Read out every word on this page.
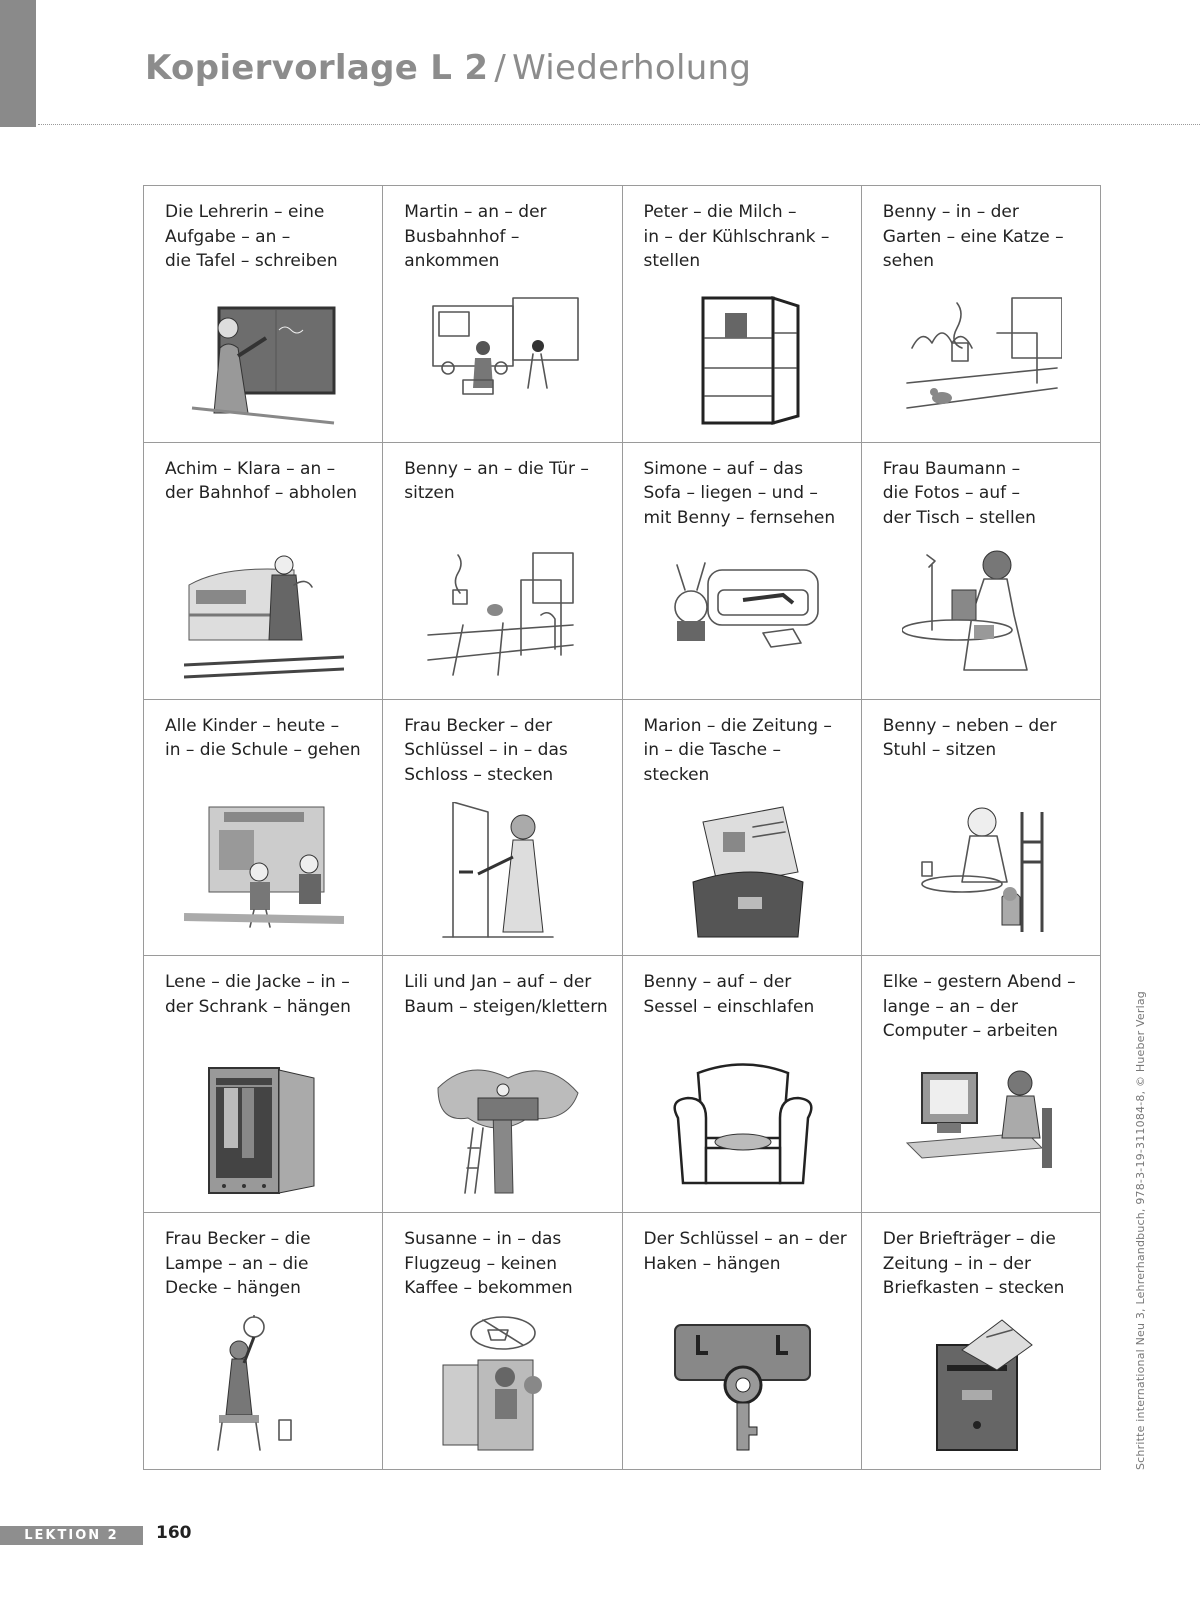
Kopiervorlage L 2 / Wiederholung
Die Lehrerin – eine
Aufgabe – an –
die Tafel – schreiben
Martin – an – der
Busbahnhof –
ankommen
Peter – die Milch –
in – der Kühlschrank –
stellen
Benny – in – der
Garten – eine Katze –
sehen
Achim – Klara – an –
der Bahnhof – abholen
Benny – an – die Tür –
sitzen
Simone – auf – das
Sofa – liegen – und –
mit Benny – fernsehen
Frau Baumann –
die Fotos – auf –
der Tisch – stellen
Alle Kinder – heute –
in – die Schule – gehen
Frau Becker – der
Schlüssel – in – das
Schloss – stecken
Marion – die Zeitung –
in – die Tasche –
stecken
Benny – neben – der
Stuhl – sitzen
Lene – die Jacke – in –
der Schrank – hängen
Lili und Jan – auf – der
Baum – steigen/klettern
Benny – auf – der
Sessel – einschlafen
Elke – gestern Abend –
lange – an – der
Computer – arbeiten
Frau Becker – die
Lampe – an – die
Decke – hängen
Susanne – in – das
Flugzeug – keinen
Kaffee – bekommen
Der Schlüssel – an – der
Haken – hängen
Der Briefträger – die
Zeitung – in – der
Briefkasten – stecken
LEKTION 2	160
Schritte international Neu 3, Lehrerhandbuch, 978-3-19-311084-8, © Hueber Verlag
